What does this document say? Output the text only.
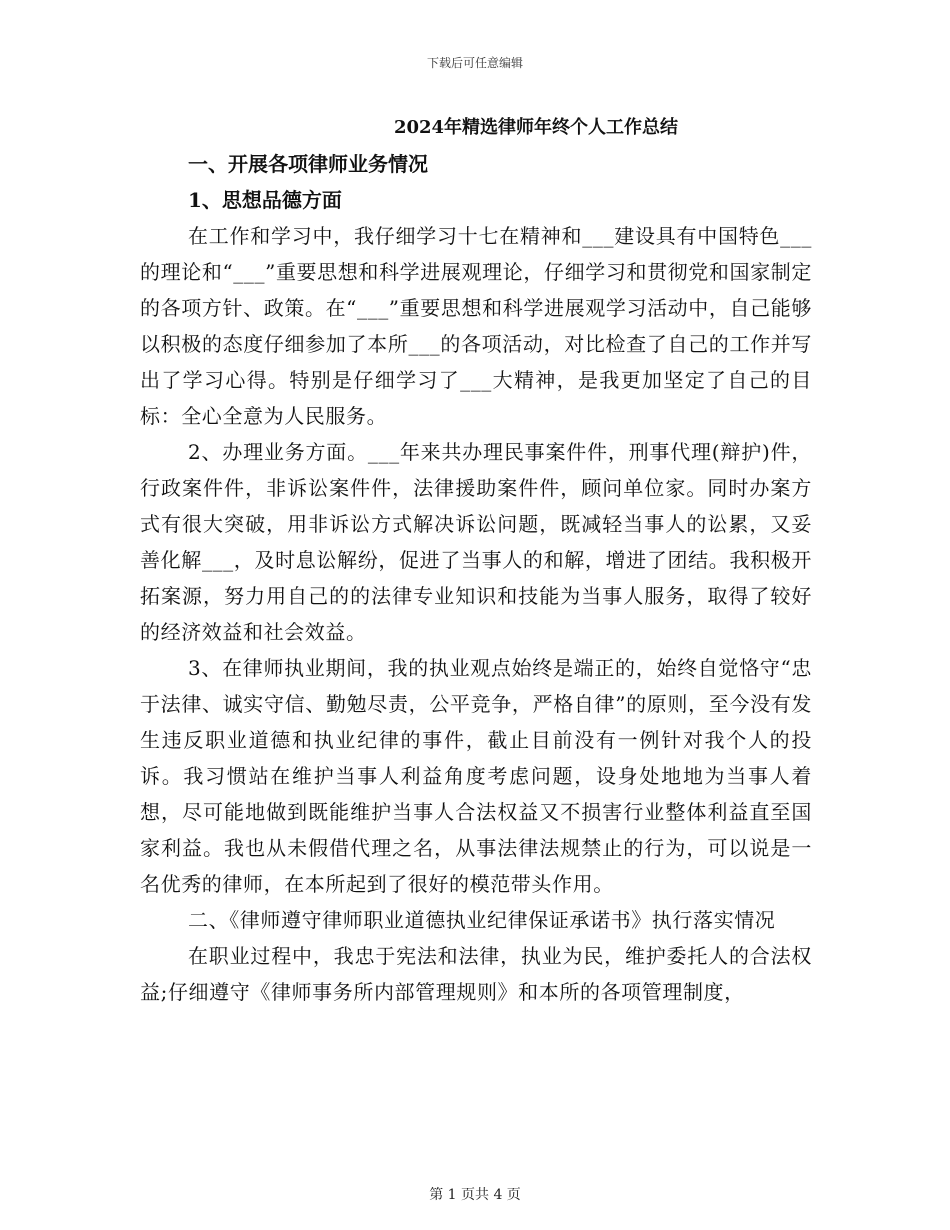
下载后可任意编辑

2024年精选律师年终个人工作总结

一、开展各项律师业务情况

1、思想品德方面

在工作和学习中，我仔细学习十七在精神和___建设具有中国特色___的理论和“___”重要思想和科学进展观理论，仔细学习和贯彻党和国家制定的各项方针、政策。在“___”重要思想和科学进展观学习活动中，自己能够以积极的态度仔细参加了本所___的各项活动，对比检查了自己的工作并写出了学习心得。特别是仔细学习了___大精神，是我更加坚定了自己的目标：全心全意为人民服务。

2、办理业务方面。___年来共办理民事案件件，刑事代理(辩护)件，行政案件件，非诉讼案件件，法律援助案件件，顾问单位家。同时办案方式有很大突破，用非诉讼方式解决诉讼问题，既减轻当事人的讼累，又妥善化解___，及时息讼解纷，促进了当事人的和解，增进了团结。我积极开拓案源，努力用自己的的法律专业知识和技能为当事人服务，取得了较好的经济效益和社会效益。

3、在律师执业期间，我的执业观点始终是端正的，始终自觉恪守“忠于法律、诚实守信、勤勉尽责，公平竞争，严格自律”的原则，至今没有发生违反职业道德和执业纪律的事件，截止目前没有一例针对我个人的投诉。我习惯站在维护当事人利益角度考虑问题，设身处地地为当事人着想，尽可能地做到既能维护当事人合法权益又不损害行业整体利益直至国家利益。我也从未假借代理之名，从事法律法规禁止的行为，可以说是一名优秀的律师，在本所起到了很好的模范带头作用。

二、《律师遵守律师职业道德执业纪律保证承诺书》执行落实情况

在职业过程中，我忠于宪法和法律，执业为民，维护委托人的合法权益;仔细遵守《律师事务所内部管理规则》和本所的各项管理制度，

第 1 页共 4 页
